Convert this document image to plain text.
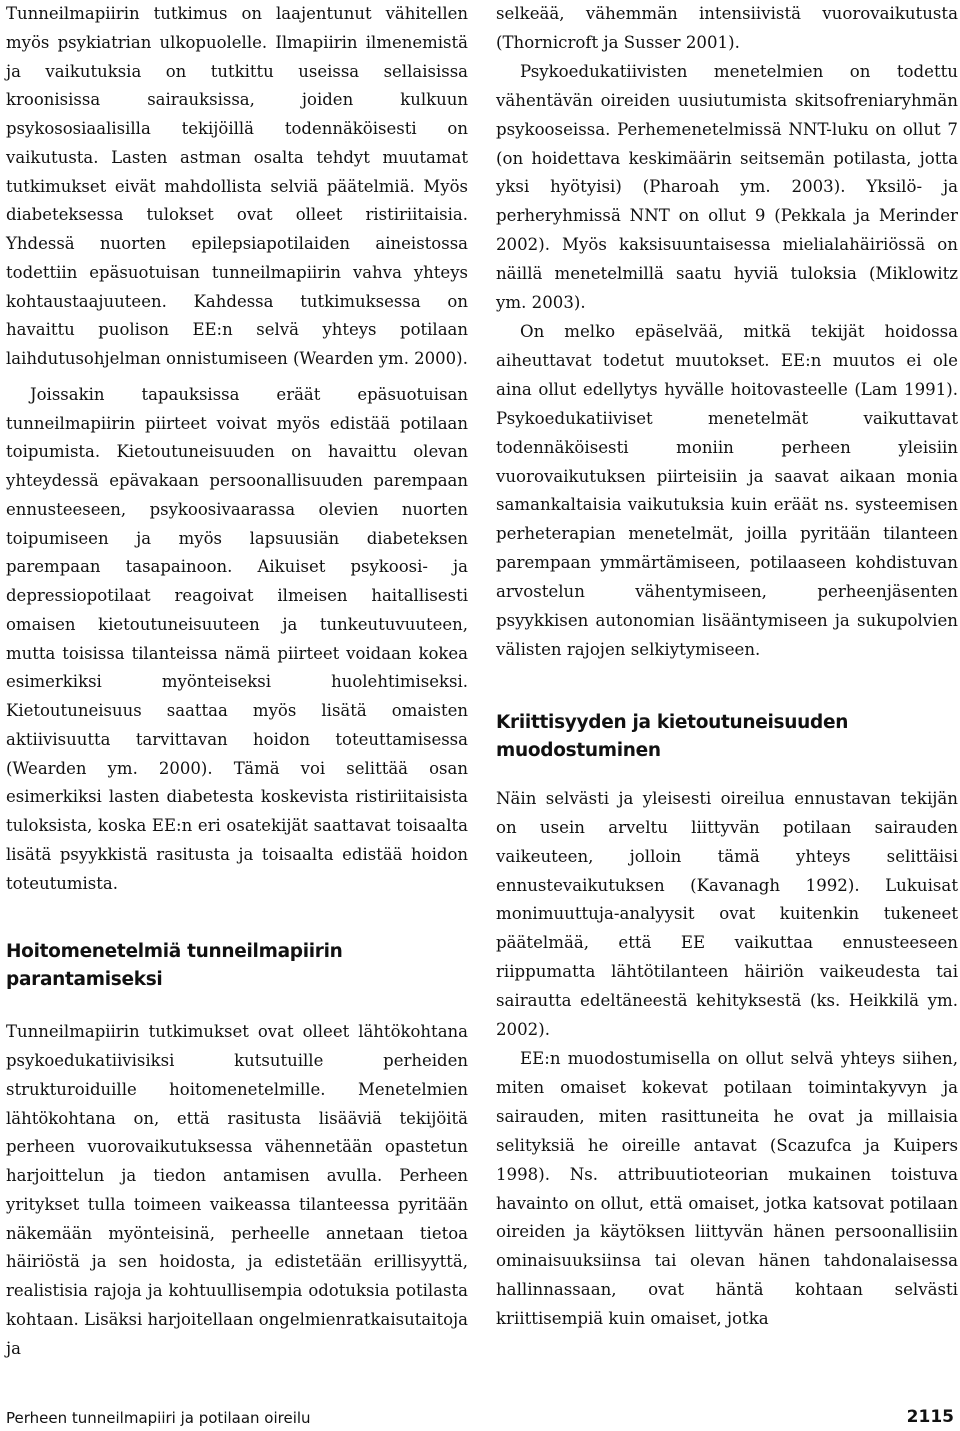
Tunneilmapiirin tutkimus on laajentunut vähitellen myös psykiatrian ulkopuolelle. Ilmapiirin ilmenemistä ja vaikutuksia on tutkittu useissa sellaisissa kroonisissa sairauksissa, joiden kulkuun psykososiaalisilla tekijöillä todennäköisesti on vaikutusta. Lasten astman osalta tehdyt muutamat tutkimukset eivät mahdollista selviä päätelmiä. Myös diabeteksessa tulokset ovat olleet ristiriitaisia. Yhdessä nuorten epilepsiapotilaiden aineistossa todettiin epäsuotuisan tunneilmapiirin vahva yhteys kohtaustaajuuteen. Kahdessa tutkimuksessa on havaittu puolison EE:n selvä yhteys potilaan laihdutusohjelman onnistumiseen (Wearden ym. 2000).

Joissakin tapauksissa eräät epäsuotuisan tunneilmapiirin piirteet voivat myös edistää potilaan toipumista. Kietoutuneisuuden on havaittu olevan yhteydessä epävakaan persoonallisuuden parempaan ennusteeseen, psykoosivaarassa olevien nuorten toipumiseen ja myös lapsuusiän diabeteksen parempaan tasapainoon. Aikuiset psykoosi- ja depressiopotilaat reagoivat ilmeisen haitallisesti omaisen kietoutuneisuuteen ja tunkeutuvuuteen, mutta toisissa tilanteissa nämä piirteet voidaan kokea esimerkiksi myönteiseksi huolehtimiseksi. Kietoutuneisuus saattaa myös lisätä omaisten aktiivisuutta tarvittavan hoidon toteuttamisessa (Wearden ym. 2000). Tämä voi selittää osan esimerkiksi lasten diabetesta koskevista ristiriitaisista tuloksista, koska EE:n eri osatekijät saattavat toisaalta lisätä psyykkistä rasitusta ja toisaalta edistää hoidon toteutumista.

Hoitomenetelmiä tunneilmapiirin parantamiseksi

Tunneilmapiirin tutkimukset ovat olleet lähtökohtana psykoedukatiivisiksi kutsutuille perheiden strukturoiduille hoitomenetelmille. Menetelmien lähtökohtana on, että rasitusta lisääviä tekijöitä perheen vuorovaikutuksessa vähennetään opastetun harjoittelun ja tiedon antamisen avulla. Perheen yritykset tulla toimeen vaikeassa tilanteessa pyritään näkemään myönteisinä, perheelle annetaan tietoa häiriöstä ja sen hoidosta, ja edistetään erillisyyttä, realistisia rajoja ja kohtuullisempia odotuksia potilasta kohtaan. Lisäksi harjoitellaan ongelmienratkaisutaitoja ja

selkeää, vähemmän intensiivistä vuorovaikutusta (Thornicroft ja Susser 2001).

Psykoedukatiivisten menetelmien on todettu vähentävän oireiden uusiutumista skitsofreniaryhmän psykooseissa. Perhemenetelmissä NNT-luku on ollut 7 (on hoidettava keskimäärin seitsemän potilasta, jotta yksi hyötyisi) (Pharoah ym. 2003). Yksilö- ja perheryhmissä NNT on ollut 9 (Pekkala ja Merinder 2002). Myös kaksisuuntaisessa mielialahäiriössä on näillä menetelmillä saatu hyviä tuloksia (Miklowitz ym. 2003).

On melko epäselvää, mitkä tekijät hoidossa aiheuttavat todetut muutokset. EE:n muutos ei ole aina ollut edellytys hyvälle hoitovasteelle (Lam 1991). Psykoedukatiiviset menetelmät vaikuttavat todennäköisesti moniin perheen yleisiin vuorovaikutuksen piirteisiin ja saavat aikaan monia samankaltaisia vaikutuksia kuin eräät ns. systeemisen perheterapian menetelmät, joilla pyritään tilanteen parempaan ymmärtämiseen, potilaaseen kohdistuvan arvostelun vähentymiseen, perheenjäsenten psyykkisen autonomian lisääntymiseen ja sukupolvien välisten rajojen selkiytymiseen.

Kriittisyyden ja kietoutuneisuuden muodostuminen

Näin selvästi ja yleisesti oireilua ennustavan tekijän on usein arveltu liittyvän potilaan sairauden vaikeuteen, jolloin tämä yhteys selittäisi ennustevaikutuksen (Kavanagh 1992). Lukuisat monimuuttuja-analyysit ovat kuitenkin tukeneet päätelmää, että EE vaikuttaa ennusteeseen riippumatta lähtötilanteen häiriön vaikeudesta tai sairautta edeltäneestä kehityksestä (ks. Heikkilä ym. 2002).

EE:n muodostumisella on ollut selvä yhteys siihen, miten omaiset kokevat potilaan toimintakyvyn ja sairauden, miten rasittuneita he ovat ja millaisia selityksiä he oireille antavat (Scazufca ja Kuipers 1998). Ns. attribuutioteorian mukainen toistuva havainto on ollut, että omaiset, jotka katsovat potilaan oireiden ja käytöksen liittyvän hänen persoonallisiin ominaisuuksiinsa tai olevan hänen tahdonalaisessa hallinnassaan, ovat häntä kohtaan selvästi kriittisempiä kuin omaiset, jotka

Perheen tunneilmapiiri ja potilaan oireilu	2115
